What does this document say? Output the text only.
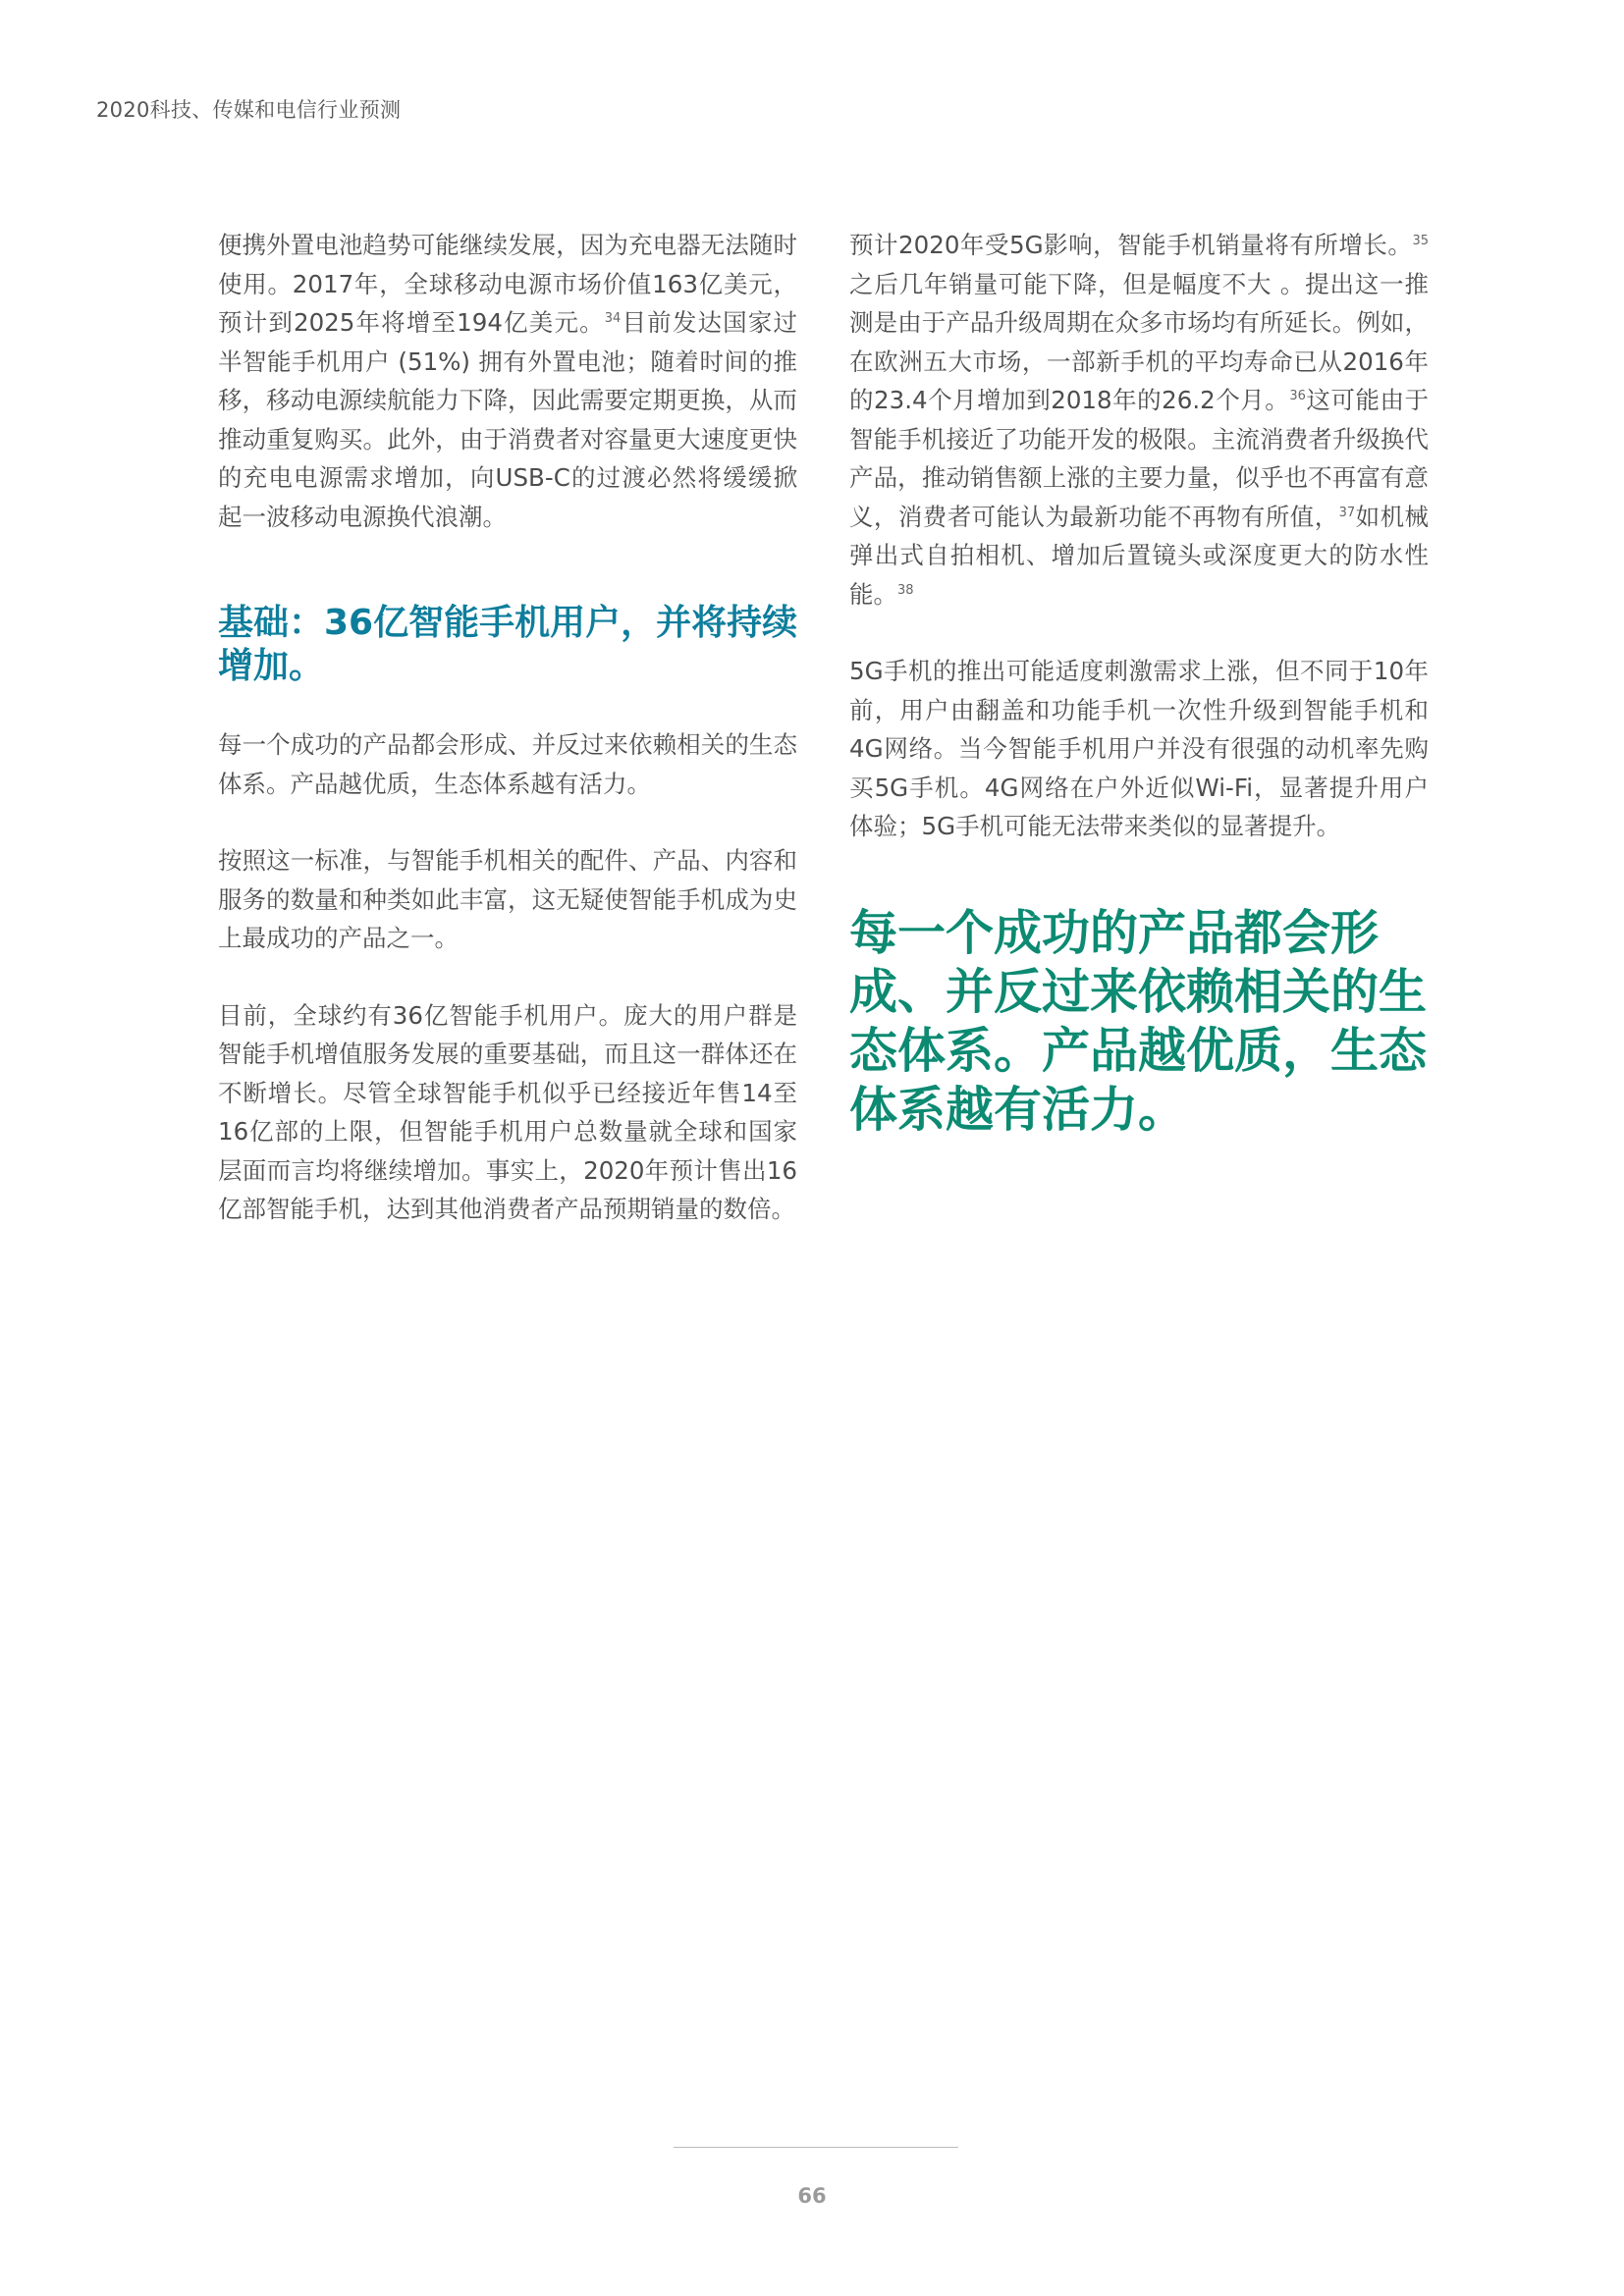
2020科技、传媒和电信行业预测

便携外置电池趋势可能继续发展，因为充电器无法随时使用。2017年，全球移动电源市场价值163亿美元，预计到2025年将增至194亿美元。$^{34}$目前发达国家过半智能手机用户 (51%) 拥有外置电池；随着时间的推移，移动电源续航能力下降，因此需要定期更换，从而推动重复购买。此外，由于消费者对容量更大速度更快的充电电源需求增加，向USB-C的过渡必然将缓缓掀起一波移动电源换代浪潮。

基础：36亿智能手机用户，并将持续增加。

每一个成功的产品都会形成、并反过来依赖相关的生态体系。产品越优质，生态体系越有活力。

按照这一标准，与智能手机相关的配件、产品、内容和服务的数量和种类如此丰富，这无疑使智能手机成为史上最成功的产品之一。

目前，全球约有36亿智能手机用户。庞大的用户群是智能手机增值服务发展的重要基础，而且这一群体还在不断增长。尽管全球智能手机似乎已经接近年售14至16亿部的上限，但智能手机用户总数量就全球和国家层面而言均将继续增加。事实上，2020年预计售出16亿部智能手机，达到其他消费者产品预期销量的数倍。

预计2020年受5G影响，智能手机销量将有所增长。$^{35}$之后几年销量可能下降，但是幅度不大 。提出这一推测是由于产品升级周期在众多市场均有所延长。例如，在欧洲五大市场，一部新手机的平均寿命已从2016年的23.4个月增加到2018年的26.2个月。$^{36}$这可能由于智能手机接近了功能开发的极限。主流消费者升级换代产品，推动销售额上涨的主要力量，似乎也不再富有意义，消费者可能认为最新功能不再物有所值，$^{37}$如机械弹出式自拍相机、增加后置镜头或深度更大的防水性能。$^{38}$

5G手机的推出可能适度刺激需求上涨，但不同于10年前，用户由翻盖和功能手机一次性升级到智能手机和4G网络。当今智能手机用户并没有很强的动机率先购买5G手机。4G网络在户外近似Wi-Fi，显著提升用户体验；5G手机可能无法带来类似的显著提升。

每一个成功的产品都会形成、并反过来依赖相关的生态体系。产品越优质，生态体系越有活力。
66
